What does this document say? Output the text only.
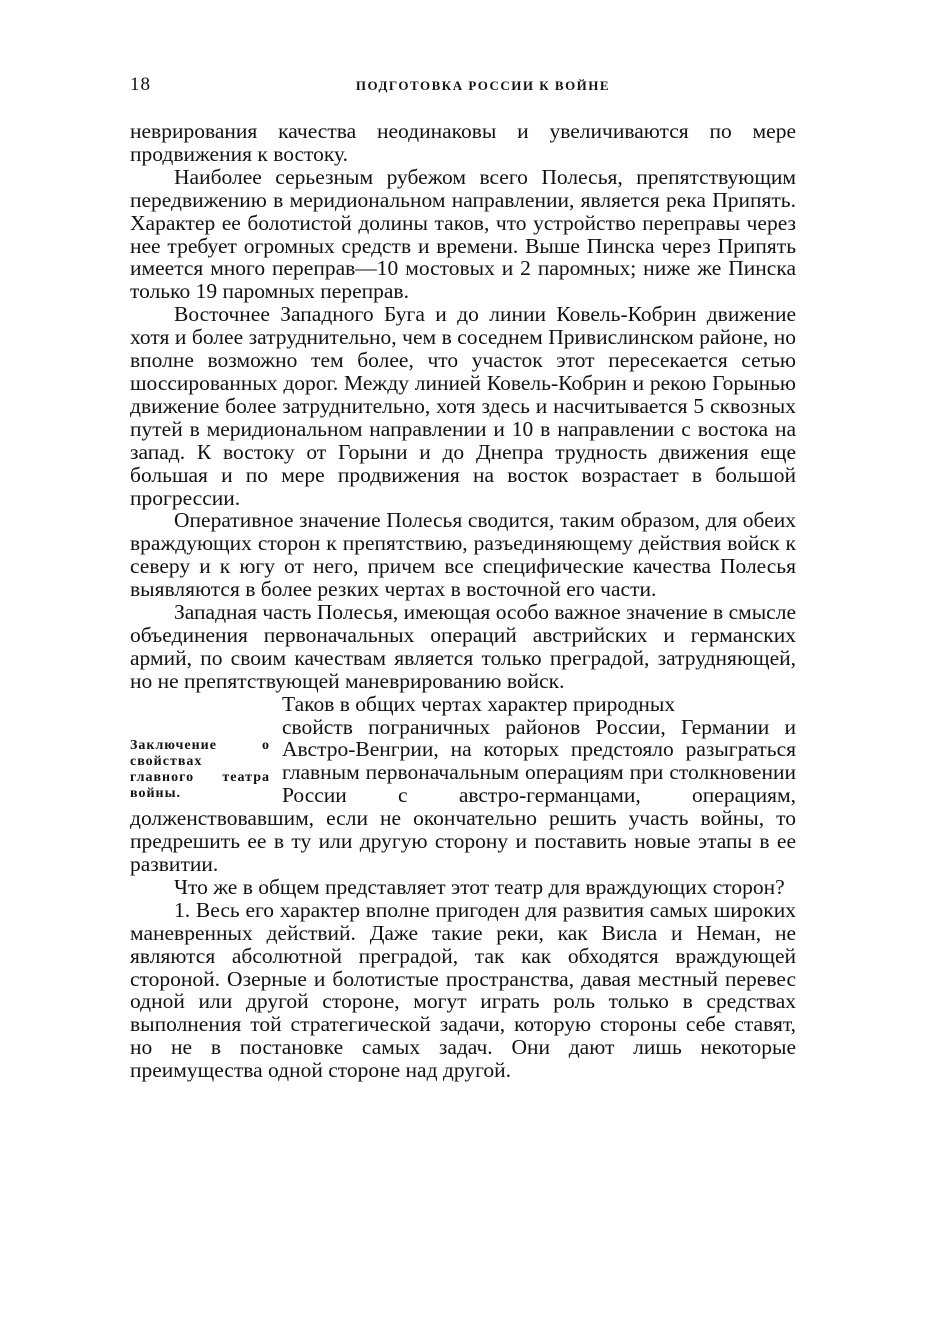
18	ПОДГОТОВКА РОССИИ К ВОЙНЕ

неврирования качества неодинаковы и увеличиваются по мере продвижения к востоку.

Наиболее серьезным рубежом всего Полесья, препятствующим передвижению в меридиональном направлении, является река Припять. Характер ее болотистой долины таков, что устройство переправы через нее требует огромных средств и времени. Выше Пинска через Припять имеется много переправ—10 мостовых и 2 паромных; ниже же Пинска только 19 паромных переправ.

Восточнее Западного Буга и до линии Ковель-Кобрин движение хотя и более затруднительно, чем в соседнем Привислинском районе, но вполне возможно тем более, что участок этот пересекается сетью шоссированных дорог. Между линией Ковель-Кобрин и рекою Горынью движение более затруднительно, хотя здесь и насчитывается 5 сквозных путей в меридиональном направлении и 10 в направлении с востока на запад. К востоку от Горыни и до Днепра трудность движения еще большая и по мере продвижения на восток возрастает в большой прогрессии.

Оперативное значение Полесья сводится, таким образом, для обеих враждующих сторон к препятствию, разъединяющему действия войск к северу и к югу от него, причем все специфические качества Полесья выявляются в более резких чертах в восточной его части.

Западная часть Полесья, имеющая особо важное значение в смысле объединения первоначальных операций австрийских и германских армий, по своим качествам является только преградой, затрудняющей, но не препятствующей маневрированию войск.

Таков в общих чертах характер природных
Заключение о свойствах главного театра войны.
свойств пограничных районов России, Германии и Австро-Венгрии, на которых предстояло разыграться главным первоначальным операциям при столкновении России с австро-германцами, операциям, долженствовавшим, если не окончательно решить участь войны, то предрешить ее в ту или другую сторону и поставить новые этапы в ее развитии.

Что же в общем представляет этот театр для враждующих сторон?

1. Весь его характер вполне пригоден для развития самых широких маневренных действий. Даже такие реки, как Висла и Неман, не являются абсолютной преградой, так как обходятся враждующей стороной. Озерные и болотистые пространства, давая местный перевес одной или другой стороне, могут играть роль только в средствах выполнения той стратегической задачи, которую стороны себе ставят, но не в постановке самых задач. Они дают лишь некоторые преимущества одной стороне над другой.
